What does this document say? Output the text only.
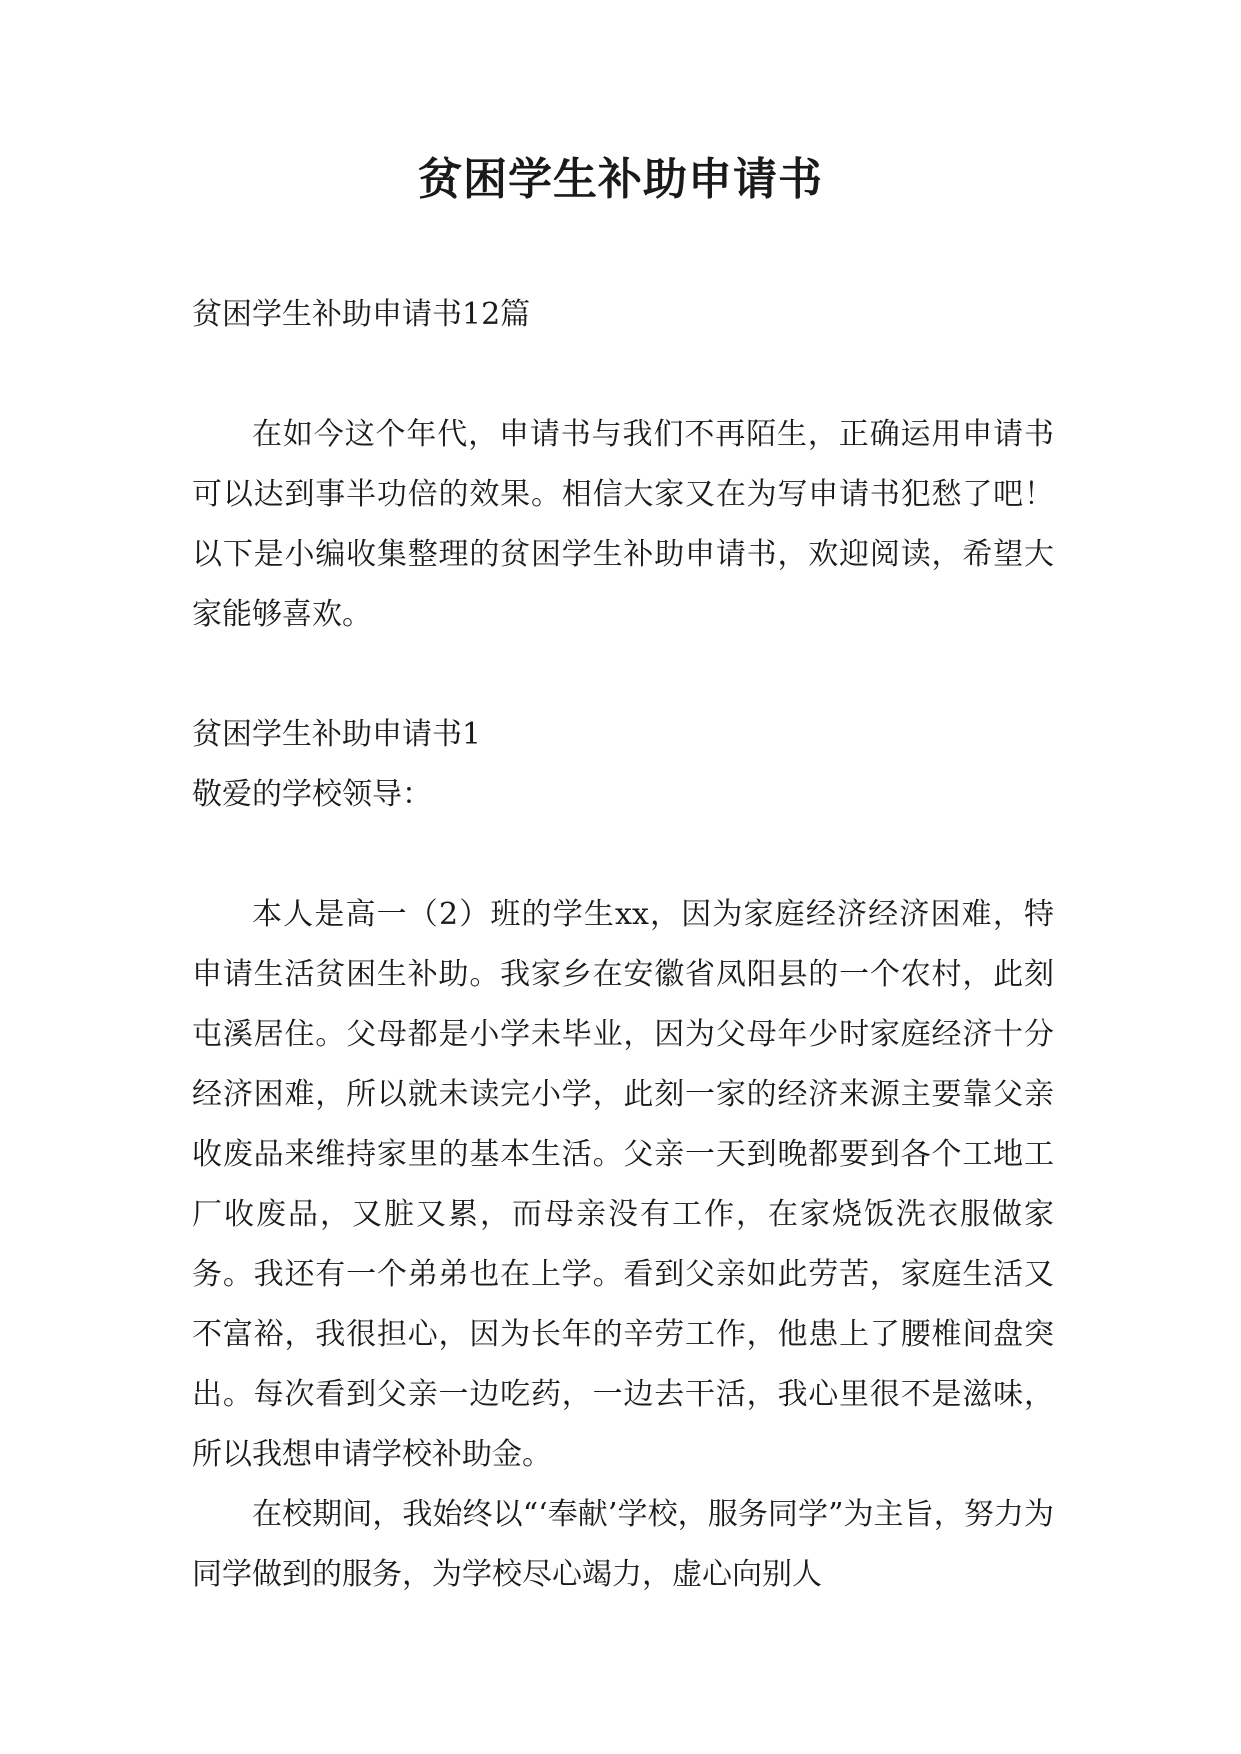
贫困学生补助申请书

贫困学生补助申请书12篇

在如今这个年代，申请书与我们不再陌生，正确运用申请书可以达到事半功倍的效果。相信大家又在为写申请书犯愁了吧！以下是小编收集整理的贫困学生补助申请书，欢迎阅读，希望大家能够喜欢。

贫困学生补助申请书1

敬爱的学校领导：

本人是高一（2）班的学生xx，因为家庭经济经济困难，特申请生活贫困生补助。我家乡在安徽省凤阳县的一个农村，此刻屯溪居住。父母都是小学未毕业，因为父母年少时家庭经济十分经济困难，所以就未读完小学，此刻一家的经济来源主要靠父亲收废品来维持家里的基本生活。父亲一天到晚都要到各个工地工厂收废品，又脏又累，而母亲没有工作，在家烧饭洗衣服做家务。我还有一个弟弟也在上学。看到父亲如此劳苦，家庭生活又不富裕，我很担心，因为长年的辛劳工作，他患上了腰椎间盘突出。每次看到父亲一边吃药，一边去干活，我心里很不是滋味，所以我想申请学校补助金。

在校期间，我始终以“‘奉献’学校，服务同学”为主旨，努力为同学做到的服务，为学校尽心竭力，虚心向别人
